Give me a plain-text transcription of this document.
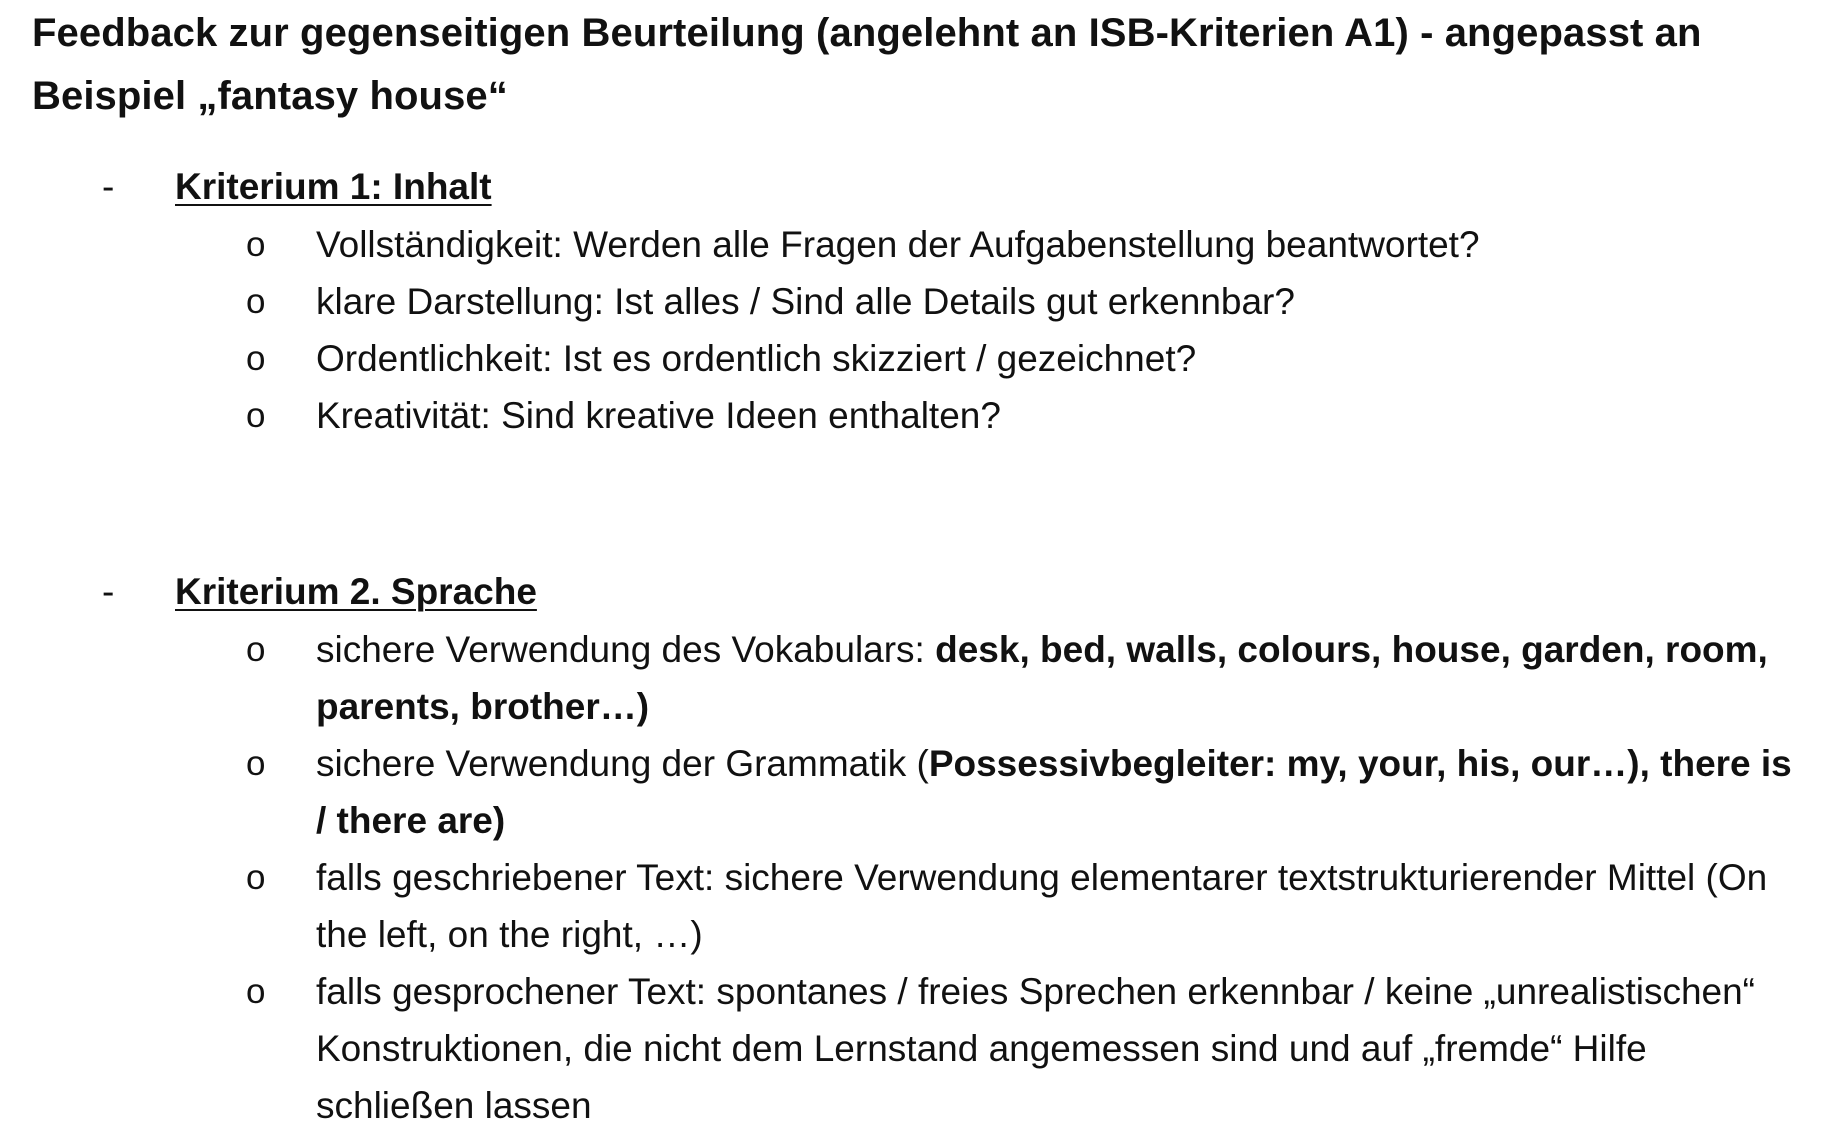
Feedback zur gegenseitigen Beurteilung (angelehnt an ISB-Kriterien A1) - angepasst an Beispiel „fantasy house“
- Kriterium 1: Inhalt
o Vollständigkeit: Werden alle Fragen der Aufgabenstellung beantwortet?
o klare Darstellung: Ist alles / Sind alle Details gut erkennbar?
o Ordentlichkeit: Ist es ordentlich skizziert / gezeichnet?
o Kreativität: Sind kreative Ideen enthalten?
- Kriterium 2. Sprache
o sichere Verwendung des Vokabulars: desk, bed, walls, colours, house, garden, room, parents, brother…)
o sichere Verwendung der Grammatik (Possessivbegleiter: my, your, his, our…), there is / there are)
o falls geschriebener Text: sichere Verwendung elementarer textstrukturierender Mittel (On the left, on the right, …)
o falls gesprochener Text: spontanes / freies Sprechen erkennbar / keine „unrealistischen“ Konstruktionen, die nicht dem Lernstand angemessen sind und auf „fremde“ Hilfe schließen lassen
